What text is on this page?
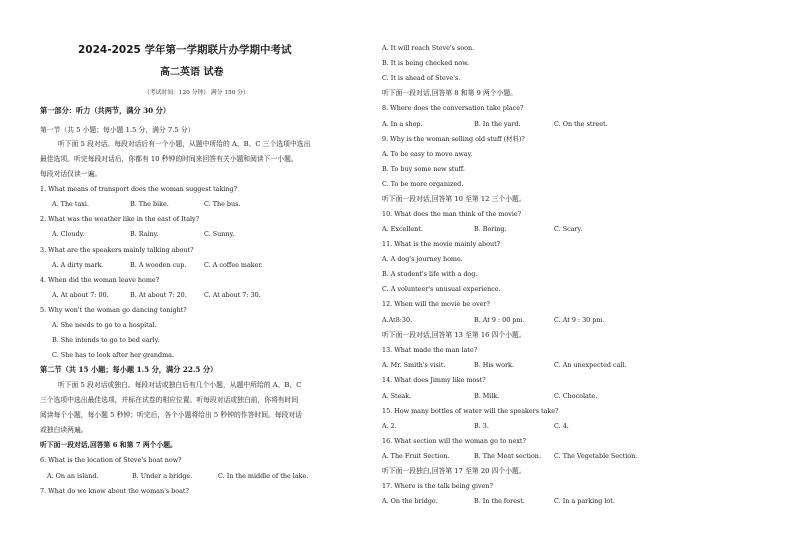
2024-2025 学年第一学期联片办学期中考试
高二英语 试卷
（考试时间：120 分钟） 满分 150 分）
第一部分：听力（共两节，满分 30 分）
第一节（共 5 小题；每小题 1.5 分，满分 7.5 分）
听下面 5 段对话。每段对话后有一个小题，从题中所给的 A、B、C 三个选项中选出
最佳选项。听完每段对话后，你都有 10 秒钟的时间来回答有关小题和阅读下一小题。
每段对话仅读一遍。
1. What means of transport does the woman suggest taking?
A. The taxi.	B. The bike.	C. The bus.
2. What was the weather like in the east of Italy?
A. Cloudy.	B. Rainy.	C. Sunny.
3. What are the speakers mainly talking about?
A. A dirty mark.	B. A wooden cup.	C. A coffee maker.
4. When did the woman leave home?
A. At about 7: 00.	B. At about 7: 20.	C. At about 7: 30.
5. Why won't the woman go dancing tonight?
A. She needs to go to a hospital.
B. She intends to go to bed early.
C. She has to look after her grandma.
第二节（共 15 小题；每小题 1.5 分，满分 22.5 分）
听下面 5 段对话或独白。每段对话或独白后有几个小题，从题中所给的 A、B、C
三个选项中选出最佳选项，并标在试卷的相应位置。听每段对话或独白前，你将有时间
阅读每个小题，每小题 5 秒钟；听完后，各个小题将给出 5 秒钟的作答时间。每段对话
或独白读两遍。
听下面一段对话,回答第 6 和第 7 两个小题。
6. What is the location of Steve's boat now?
A. On an island.	B. Under a bridge.	C. In the middle of the lake.
7. What do we know about the woman's boat?
A. It will reach Steve's soon.
B. It is being checked now.
C. It is ahead of Steve's.
听下面一段对话,回答第 8 和第 9 两个小题。
8. Where does the conversation take place?
A. In a shop.	B. In the yard.	C. On the street.
9. Why is the woman selling old stuff (材料)?
A. To be easy to move away.
B. To buy some new stuff.
C. To be more organized.
听下面一段对话,回答第 10 至第 12 三个小题。
10. What does the man think of the movie?
A. Excellent.	B. Boring.	C. Scary.
11. What is the movie mainly about?
A. A dog's journey home.
B. A student's life with a dog.
C. A volunteer's unusual experience.
12. When will the movie be over?
A.At8:30.	B. At 9 : 00 pm.	C. At 9 : 30 pm.
听下面一段对话,回答第 13 至第 16 四个小题。
13. What made the man late?
A. Mr. Smith's visit.	B. His work.	C. An unexpected call.
14. What does Jimmy like most?
A. Steak.	B. Milk.	C. Chocolate.
15. How many bottles of water will the speakers take?
A. 2.	B. 3.	C. 4.
16. What section will the woman go to next?
A. The Fruit Section.	B. The Meat section. C. The Vegetable Section.
听下面一段独白,回答第 17 至第 20 四个小题。
17. Where is the talk being given?
A. On the bridge.	B. In the forest.	C. In a parking lot.
